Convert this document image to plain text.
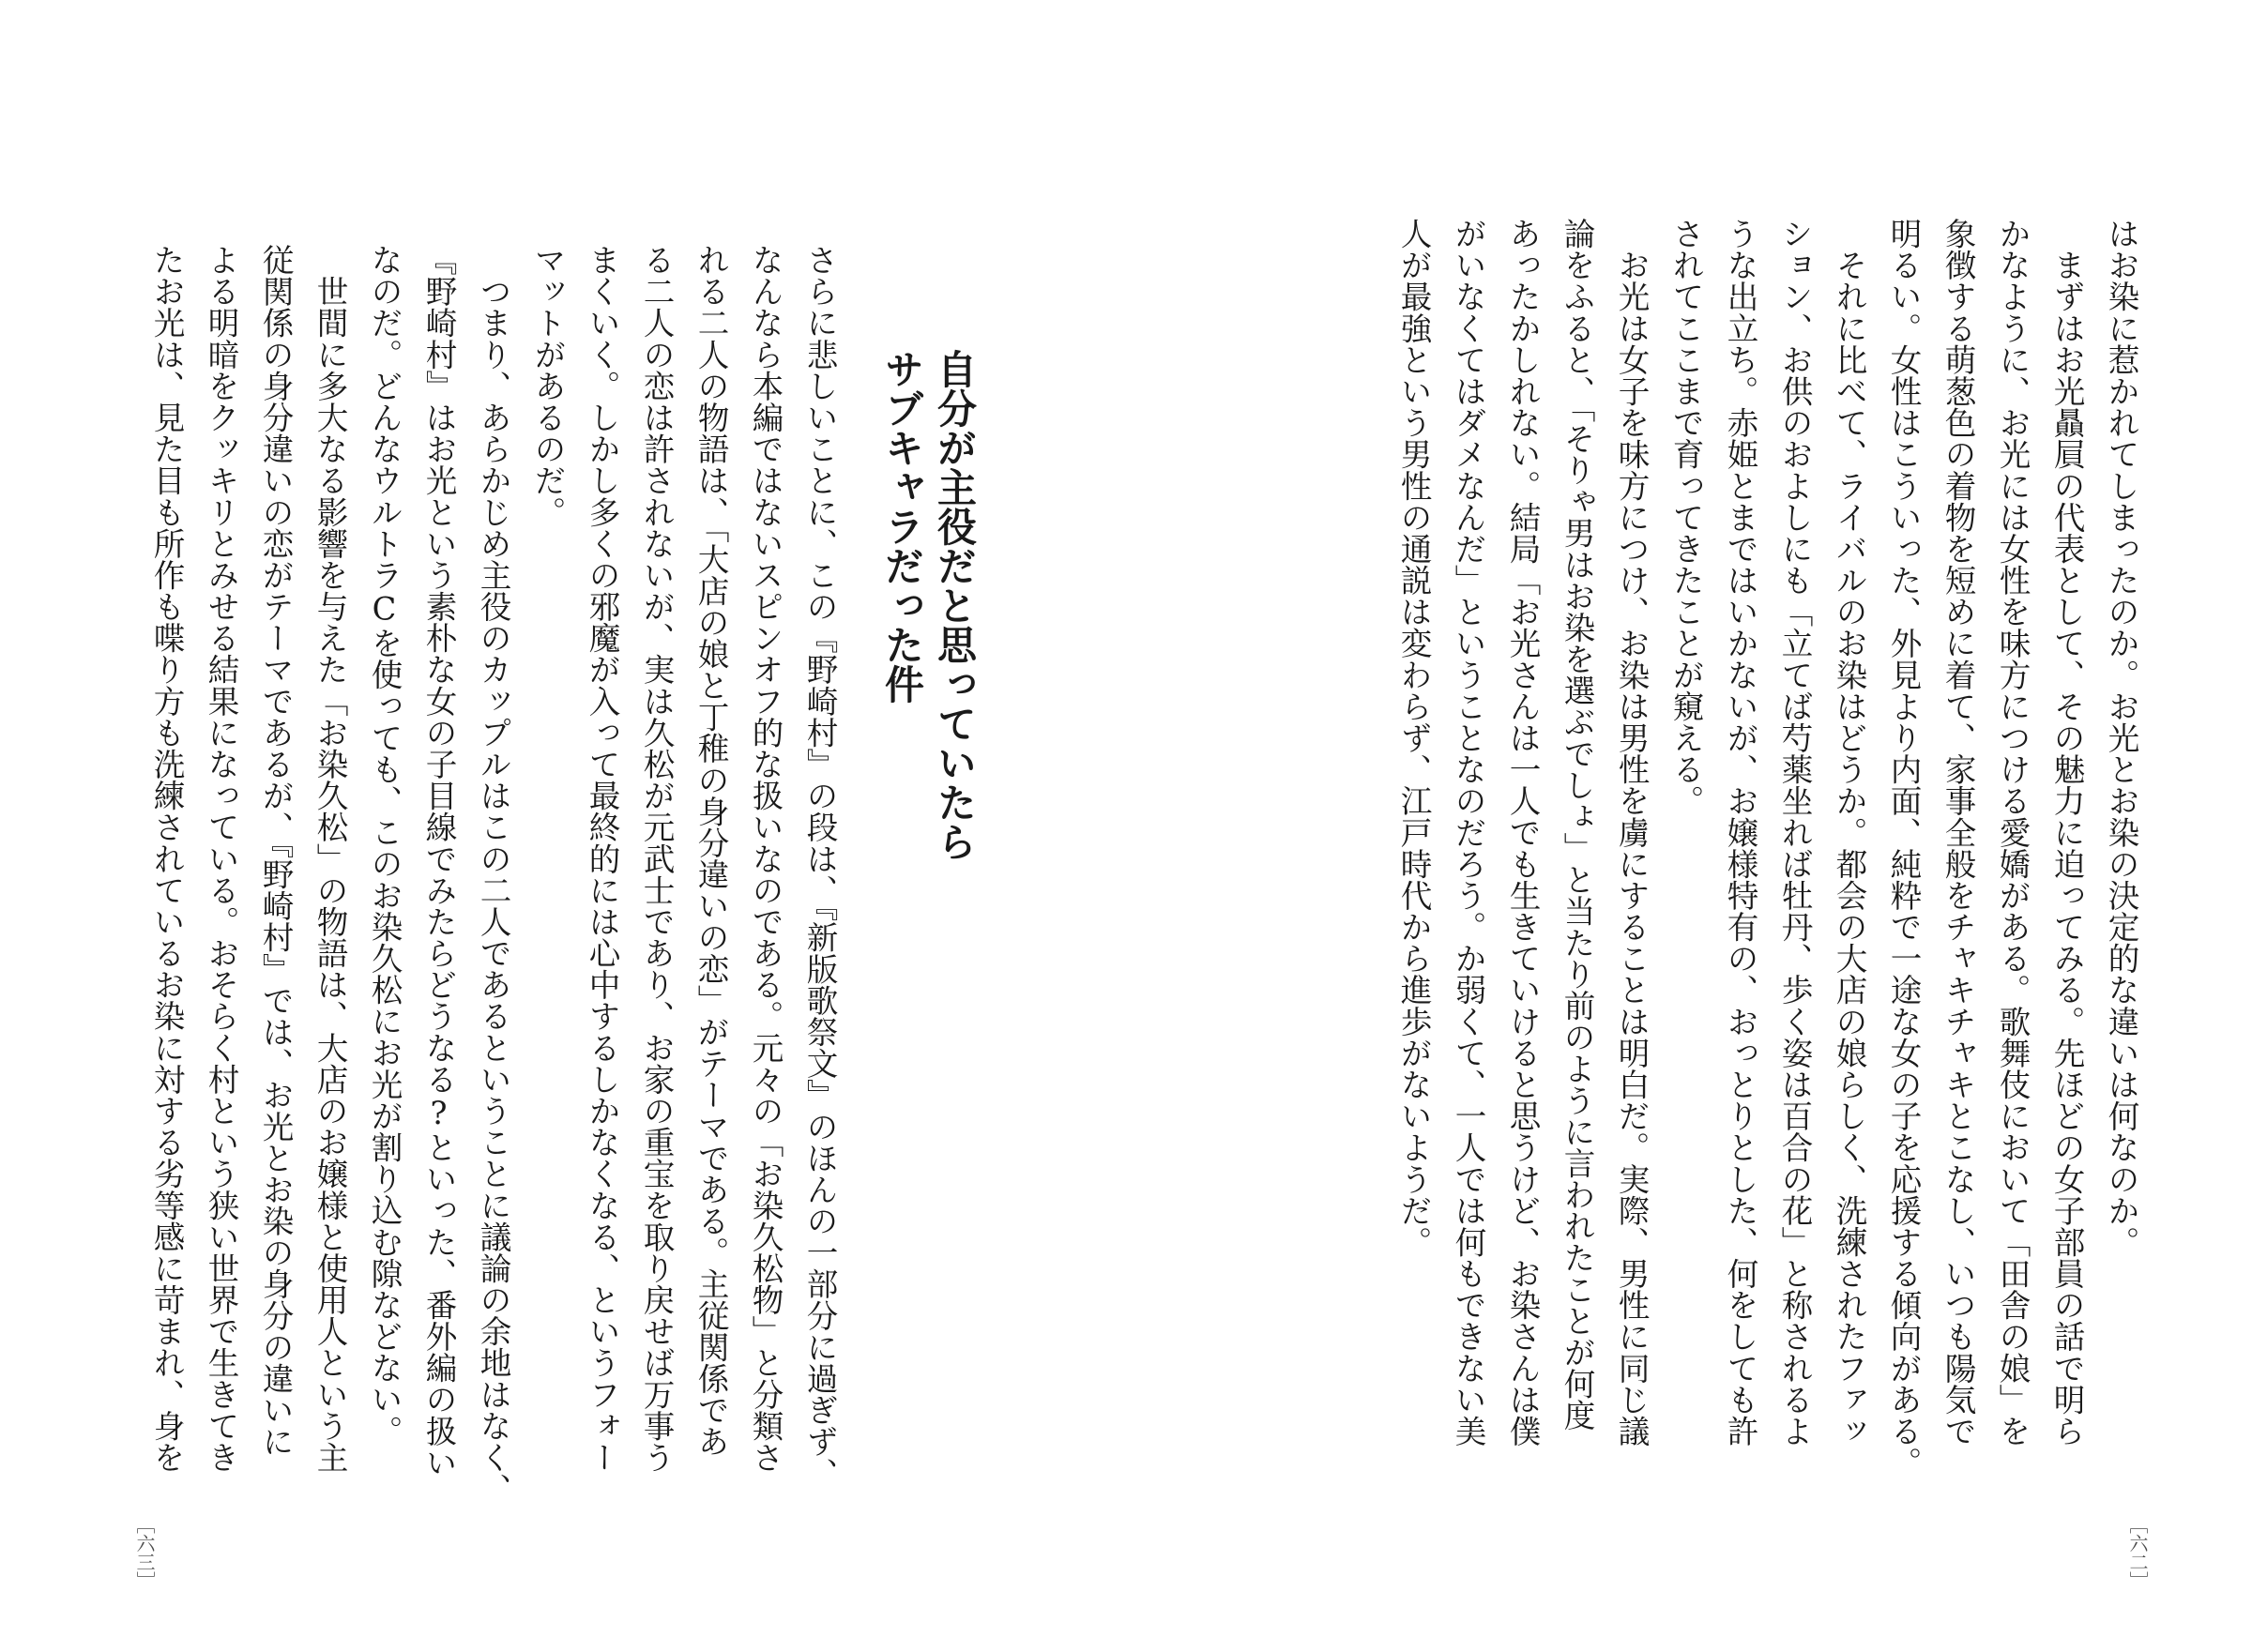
自分が主役だと思っていたら
サブキャラだった件
さらに悲しいことに、この『野崎村』の段は、『新版歌祭文』のほんの一部分に過ぎず、
なんなら本編ではないスピンオフ的な扱いなのである。元々の「お染久松物」と分類さ
れる二人の物語は、「大店の娘と丁稚の身分違いの恋」がテーマである。主従関係であ
る二人の恋は許されないが、実は久松が元武士であり、お家の重宝を取り戻せば万事う
まくいく。しかし多くの邪魔が入って最終的には心中するしかなくなる、というフォー
マットがあるのだ。
　つまり、あらかじめ主役のカップルはこの二人であるということに議論の余地はなく、
『野崎村』はお光という素朴な女の子目線でみたらどうなる?といった、番外編の扱い
なのだ。どんなウルトラCを使っても、このお染久松にお光が割り込む隙などない。
　世間に多大なる影響を与えた「お染久松」の物語は、大店のお嬢様と使用人という主
従関係の身分違いの恋がテーマであるが、『野崎村』では、お光とお染の身分の違いに
よる明暗をクッキリとみせる結果になっている。おそらく村という狭い世界で生きてき
たお光は、見た目も所作も喋り方も洗練されているお染に対する劣等感に苛まれ、身を
［六三］
はお染に惹かれてしまったのか。お光とお染の決定的な違いは何なのか。
　まずはお光贔屓の代表として、その魅力に迫ってみる。先ほどの女子部員の話で明ら
かなように、お光には女性を味方につける愛嬌がある。歌舞伎において「田舎の娘」を
象徴する萌葱色の着物を短めに着て、家事全般をチャキチャキとこなし、いつも陽気で
明るい。女性はこういった、外見より内面、純粋で一途な女の子を応援する傾向がある。
　それに比べて、ライバルのお染はどうか。都会の大店の娘らしく、洗練されたファッ
ション、お供のおよしにも「立てば芍薬坐れば牡丹、歩く姿は百合の花」と称されるよ
うな出立ち。赤姫とまではいかないが、お嬢様特有の、おっとりとした、何をしても許
されてここまで育ってきたことが窺える。
　お光は女子を味方につけ、お染は男性を虜にすることは明白だ。実際、男性に同じ議
論をふると、「そりゃ男はお染を選ぶでしょ」と当たり前のように言われたことが何度
あったかしれない。結局「お光さんは一人でも生きていけると思うけど、お染さんは僕
がいなくてはダメなんだ」ということなのだろう。か弱くて、一人では何もできない美
人が最強という男性の通説は変わらず、江戸時代から進歩がないようだ。
［六二］
